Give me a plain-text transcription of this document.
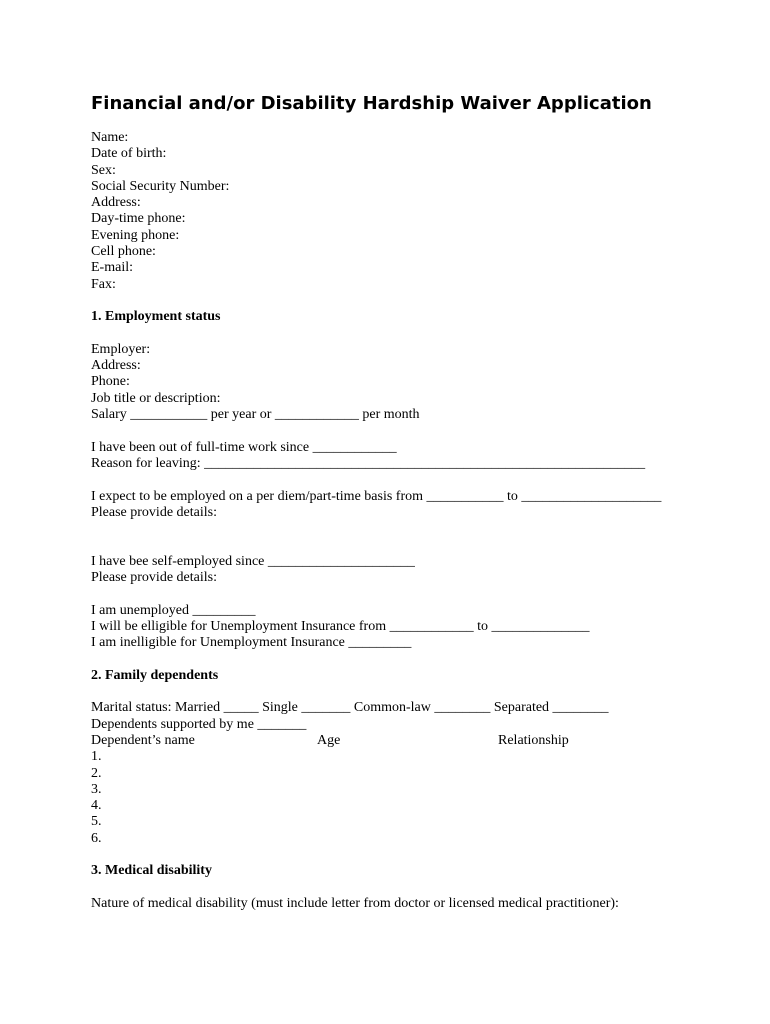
Financial and/or Disability Hardship Waiver Application
Name:
Date of birth:
Sex:
Social Security Number:
Address:
Day-time phone:
Evening phone:
Cell phone:
E-mail:
Fax:
1. Employment status
Employer:
Address:
Phone:
Job title or description:
Salary ___________ per year or ____________ per month
I have been out of full-time work since ____________
Reason for leaving: _______________________________________________________________
I expect to be employed on a per diem/part-time basis from ___________ to ____________________
Please provide details:
I have bee self-employed since _____________________
Please provide details:
I am unemployed _________
I will be elligible for Unemployment Insurance from ____________ to ______________
I am inelligible for Unemployment Insurance _________
2. Family dependents
Marital status: Married _____ Single _______ Common-law ________ Separated ________
Dependents supported by me _______
Dependent’s name	Age	Relationship
1.
2.
3.
4.
5.
6.
3. Medical disability
Nature of medical disability (must include letter from doctor or licensed medical practitioner):
